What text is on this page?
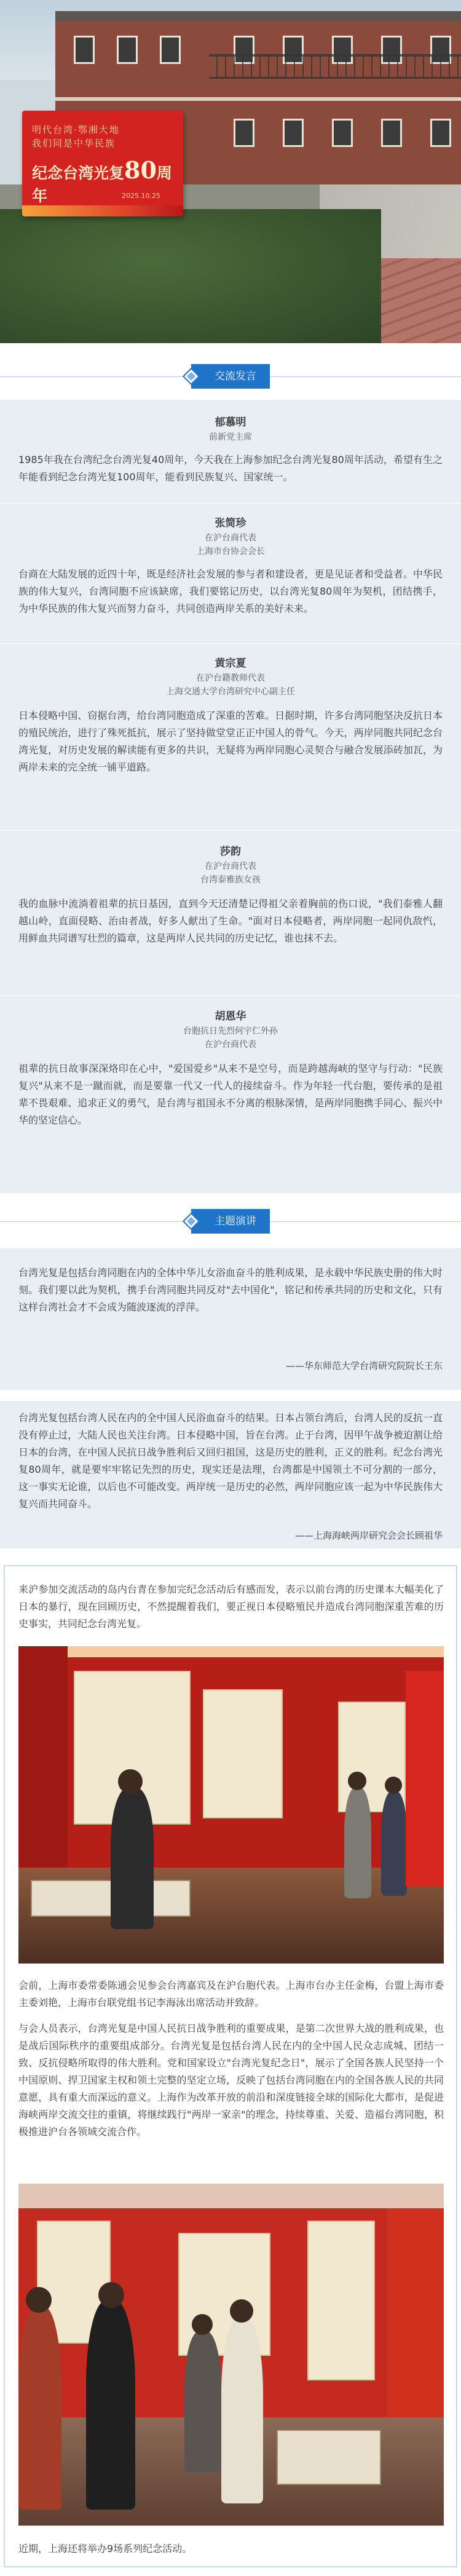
明代台湾·鄂湘大地
我们同是中华民族
纪念台湾光复80周年	2025.10.25
交流发言
郁慕明
前新党主席
1985年我在台湾纪念台湾光复40周年，今天我在上海参加纪念台湾光复80周年活动，希望有生之年能看到纪念台湾光复100周年，能看到民族复兴、国家统一。
张简珍
在沪台商代表
上海市台协会会长
台商在大陆发展的近四十年，既是经济社会发展的参与者和建设者，更是见证者和受益者。中华民族的伟大复兴，台湾同胞不应该缺席，我们要铭记历史，以台湾光复80周年为契机，团结携手，为中华民族的伟大复兴而努力奋斗，共同创造两岸关系的美好未来。
黄宗夏
在沪台籍教师代表
上海交通大学台湾研究中心副主任
日本侵略中国、窃据台湾，给台湾同胞造成了深重的苦难。日据时期，许多台湾同胞坚决反抗日本的殖民统治，进行了殊死抵抗，展示了坚持做堂堂正正中国人的骨气。今天，两岸同胞共同纪念台湾光复，对历史发展的解读能有更多的共识，无疑将为两岸同胞心灵契合与融合发展添砖加瓦，为两岸未来的完全统一铺平道路。
莎韵
在沪台商代表
台湾泰雅族女孩
我的血脉中流淌着祖辈的抗日基因，直到今天还清楚记得祖父亲着胸前的伤口说，"我们泰雅人翻越山岭，直面侵略、治由者战，好多人献出了生命。"面对日本侵略者，两岸同胞一起同仇敌忾，用鲜血共同谱写壮烈的篇章，这是两岸人民共同的历史记忆，谁也抹不去。
胡恩华
台胞抗日先烈何宇仁外孙
在沪台商代表
祖辈的抗日故事深深烙印在心中，"爱国爱乡"从来不是空号，而是跨越海峡的坚守与行动："民族复兴"从来不是一蹴而就，而是要靠一代又一代人的接续奋斗。作为年轻一代台胞，要传承的是祖辈不畏艰难、追求正义的勇气，是台湾与祖国永不分离的根脉深情，是两岸同胞携手同心、振兴中华的坚定信心。
主题演讲
台湾光复是包括台湾同胞在内的全体中华儿女浴血奋斗的胜利成果，是永载中华民族史册的伟大时刻。我们要以此为契机，携手台湾同胞共同反对"去中国化"，铭记和传承共同的历史和文化，只有这样台湾社会才不会成为随波逐流的浮萍。
——华东师范大学台湾研究院院长王东
台湾光复包括台湾人民在内的全中国人民浴血奋斗的结果。日本占领台湾后，台湾人民的反抗一直没有停止过，大陆人民也关注台湾。日本侵略中国，旨在台湾。止于台湾，因甲午战争被迫割让给日本的台湾，在中国人民抗日战争胜利后又回归祖国，这是历史的胜利，正义的胜利。纪念台湾光复80周年，就是要牢牢铭记先烈的历史，现实还是法理，台湾都是中国领土不可分割的一部分，这一事实无论谁，以后也不可能改变。两岸统一是历史的必然，两岸同胞应该一起为中华民族伟大复兴而共同奋斗。
——上海海峡两岸研究会会长顾祖华
来沪参加交流活动的岛内台青在参加完纪念活动后有感而发，表示以前台湾的历史课本大幅美化了日本的暴行，现在回顾历史，不然提醒着我们，要正视日本侵略殖民并造成台湾同胞深重苦难的历史事实，共同纪念台湾光复。
会前，上海市委常委陈通会见参会台湾嘉宾及在沪台胞代表。上海市台办主任金梅，台盟上海市委主委刘艳，上海市台联党组书记李海泳出席活动并致辞。
与会人员表示，台湾光复是中国人民抗日战争胜利的重要成果，是第二次世界大战的胜利成果，也是战后国际秩序的重要组成部分。台湾光复是包括台湾人民在内的全中国人民众志成城、团结一致、反抗侵略所取得的伟大胜利。党和国家设立"台湾光复纪念日"，展示了全国各族人民坚持一个中国原则、捍卫国家主权和领土完整的坚定立场，反映了包括台湾同胞在内的全国各族人民的共同意愿，具有重大而深远的意义。上海作为改革开放的前沿和深度链接全球的国际化大都市，是促进海峡两岸交流交往的重镇，将继续践行"两岸一家亲"的理念，持续尊重、关爱、造福台湾同胞，积极推进沪台各领域交流合作。
近期，上海还将举办9场系列纪念活动。
